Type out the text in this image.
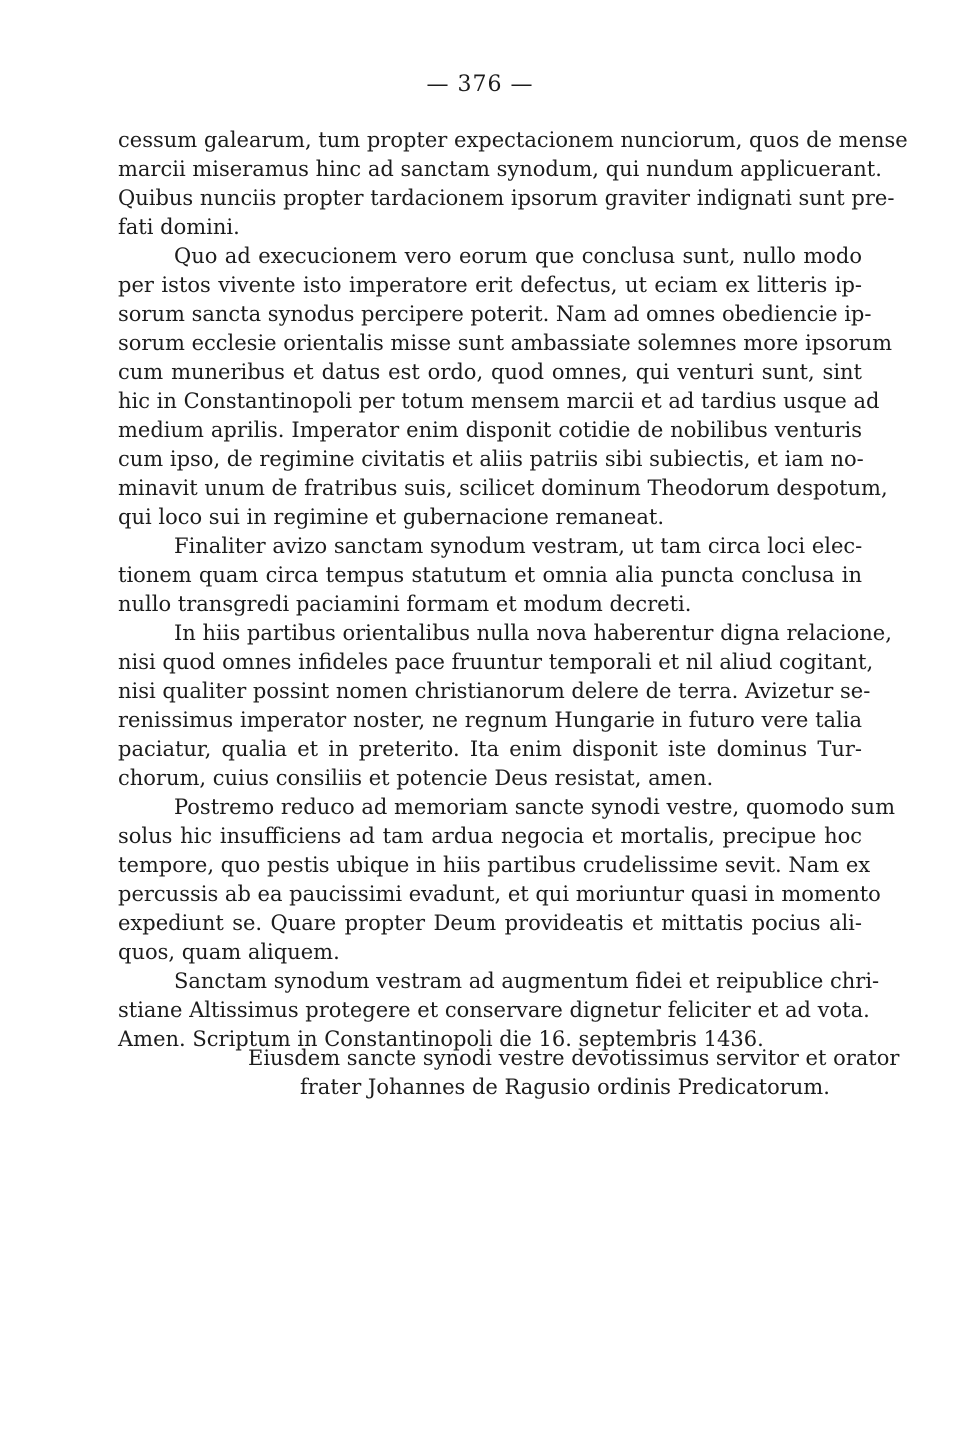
— 376 —
cessum galearum, tum propter expectacionem nunciorum, quos de mense
marcii miseramus hinc ad sanctam synodum, qui nundum applicuerant.
Quibus nunciis propter tardacionem ipsorum graviter indignati sunt pre-
fati domini.
Quo ad execucionem vero eorum que conclusa sunt, nullo modo
per istos vivente isto imperatore erit defectus, ut eciam ex litteris ip-
sorum sancta synodus percipere poterit. Nam ad omnes obediencie ip-
sorum ecclesie orientalis misse sunt ambassiate solemnes more ipsorum
cum muneribus et datus est ordo, quod omnes, qui venturi sunt, sint
hic in Constantinopoli per totum mensem marcii et ad tardius usque ad
medium aprilis. Imperator enim disponit cotidie de nobilibus venturis
cum ipso, de regimine civitatis et aliis patriis sibi subiectis, et iam no-
minavit unum de fratribus suis, scilicet dominum Theodorum despotum,
qui loco sui in regimine et gubernacione remaneat.
Finaliter avizo sanctam synodum vestram, ut tam circa loci elec-
tionem quam circa tempus statutum et omnia alia puncta conclusa in
nullo transgredi paciamini formam et modum decreti.
In hiis partibus orientalibus nulla nova haberentur digna relacione,
nisi quod omnes infideles pace fruuntur temporali et nil aliud cogitant,
nisi qualiter possint nomen christianorum delere de terra. Avizetur se-
renissimus imperator noster, ne regnum Hungarie in futuro vere talia
paciatur, qualia et in preterito. Ita enim disponit iste dominus Tur-
chorum, cuius consiliis et potencie Deus resistat, amen.
Postremo reduco ad memoriam sancte synodi vestre, quomodo sum
solus hic insufficiens ad tam ardua negocia et mortalis, precipue hoc
tempore, quo pestis ubique in hiis partibus crudelissime sevit. Nam ex
percussis ab ea paucissimi evadunt, et qui moriuntur quasi in momento
expediunt se. Quare propter Deum provideatis et mittatis pocius ali-
quos, quam aliquem.
Sanctam synodum vestram ad augmentum fidei et reipublice chri-
stiane Altissimus protegere et conservare dignetur feliciter et ad vota.
Amen. Scriptum in Constantinopoli die 16. septembris 1436.
Eiusdem sancte synodi vestre devotissimus servitor et orator
frater Johannes de Ragusio ordinis Predicatorum.
